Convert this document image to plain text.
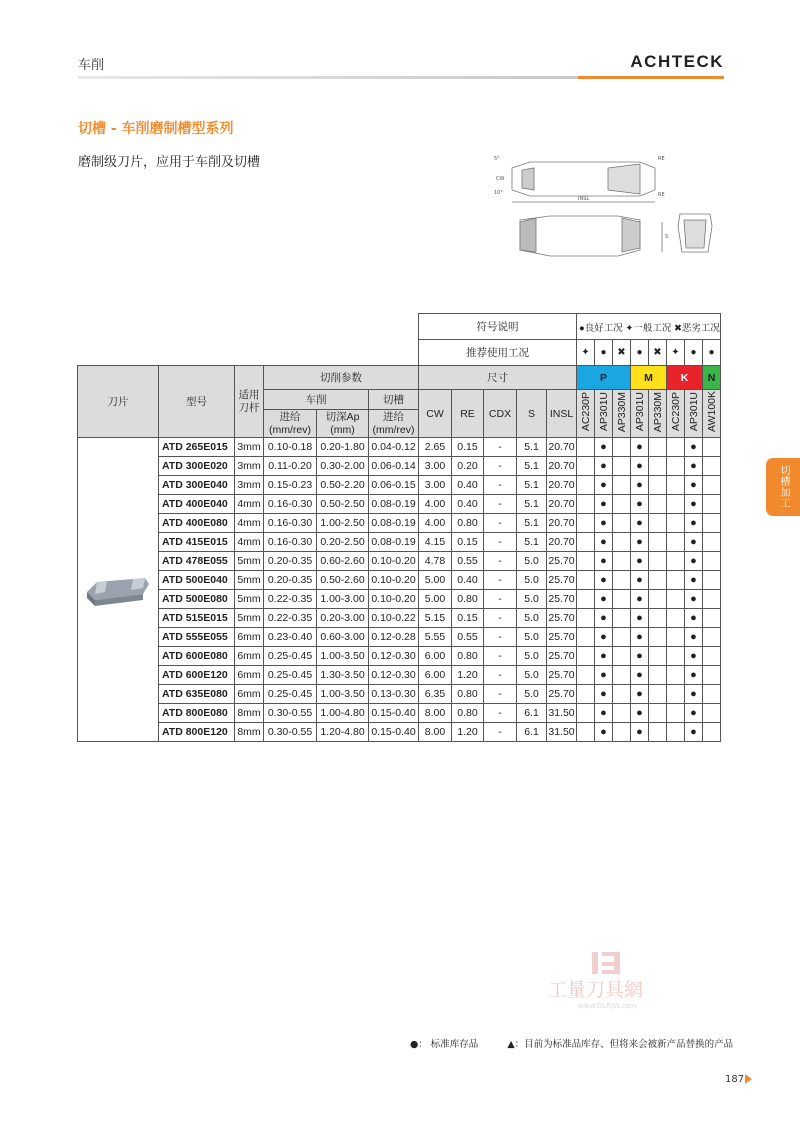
车削	ACHTECK
切槽 - 车削磨制槽型系列
磨制级刀片，应用于车削及切槽
CW
RE
INSL
RE
S
5°
10°
切槽加工
						符号说明					●良好工况 ✦一般工况 ✖恶劣工况							
						推荐使用工况					✦	●	✖	●	✖	✦	●	●
刀片	型号	适用刀杆	切削参数			尺寸					P			M		K		N
			车削		切槽	CW	RE	CDX	S	INSL	AC230P	AP301U	AP330M	AP301U	AP330M	AC230P	AP301U	AW100K
			进给(mm/rev)	切深Ap (mm)	进给(mm/rev)													

	ATD 265E015	3mm	0.10-0.18	0.20-1.80	0.04-0.12	2.65	0.15	-	5.1	20.70		●		●			●	
	ATD 300E020	3mm	0.11-0.20	0.30-2.00	0.06-0.14	3.00	0.20	-	5.1	20.70		●		●			●	
	ATD 300E040	3mm	0.15-0.23	0.50-2.20	0.06-0.15	3.00	0.40	-	5.1	20.70		●		●			●	
	ATD 400E040	4mm	0.16-0.30	0.50-2.50	0.08-0.19	4.00	0.40	-	5.1	20.70		●		●			●	
	ATD 400E080	4mm	0.16-0.30	1.00-2.50	0.08-0.19	4.00	0.80	-	5.1	20.70		●		●			●	
	ATD 415E015	4mm	0.16-0.30	0.20-2.50	0.08-0.19	4.15	0.15	-	5.1	20.70		●		●			●	
	ATD 478E055	5mm	0.20-0.35	0.60-2.60	0.10-0.20	4.78	0.55	-	5.0	25.70		●		●			●	
	ATD 500E040	5mm	0.20-0.35	0.50-2.60	0.10-0.20	5.00	0.40	-	5.0	25.70		●		●			●	
	ATD 500E080	5mm	0.22-0.35	1.00-3.00	0.10-0.20	5.00	0.80	-	5.0	25.70		●		●			●	
	ATD 515E015	5mm	0.22-0.35	0.20-3.00	0.10-0.22	5.15	0.15	-	5.0	25.70		●		●			●	
	ATD 555E055	6mm	0.23-0.40	0.60-3.00	0.12-0.28	5.55	0.55	-	5.0	25.70		●		●			●	
	ATD 600E080	6mm	0.25-0.45	1.00-3.50	0.12-0.30	6.00	0.80	-	5.0	25.70		●		●			●	
	ATD 600E120	6mm	0.25-0.45	1.30-3.50	0.12-0.30	6.00	1.20	-	5.0	25.70		●		●			●	
	ATD 635E080	6mm	0.25-0.45	1.00-3.50	0.13-0.30	6.35	0.80	-	5.0	25.70		●		●			●	
	ATD 800E080	8mm	0.30-0.55	1.00-4.80	0.15-0.40	8.00	0.80	-	6.1	31.50		●		●			●	
	ATD 800E120	8mm	0.30-0.55	1.20-4.80	0.15-0.40	8.00	1.20	-	6.1	31.50		●		●			●	
工量刀具網
www.GLRJW.com
●： 标准库存品	▲：目前为标准品库存、但将来会被新产品替换的产品
187
